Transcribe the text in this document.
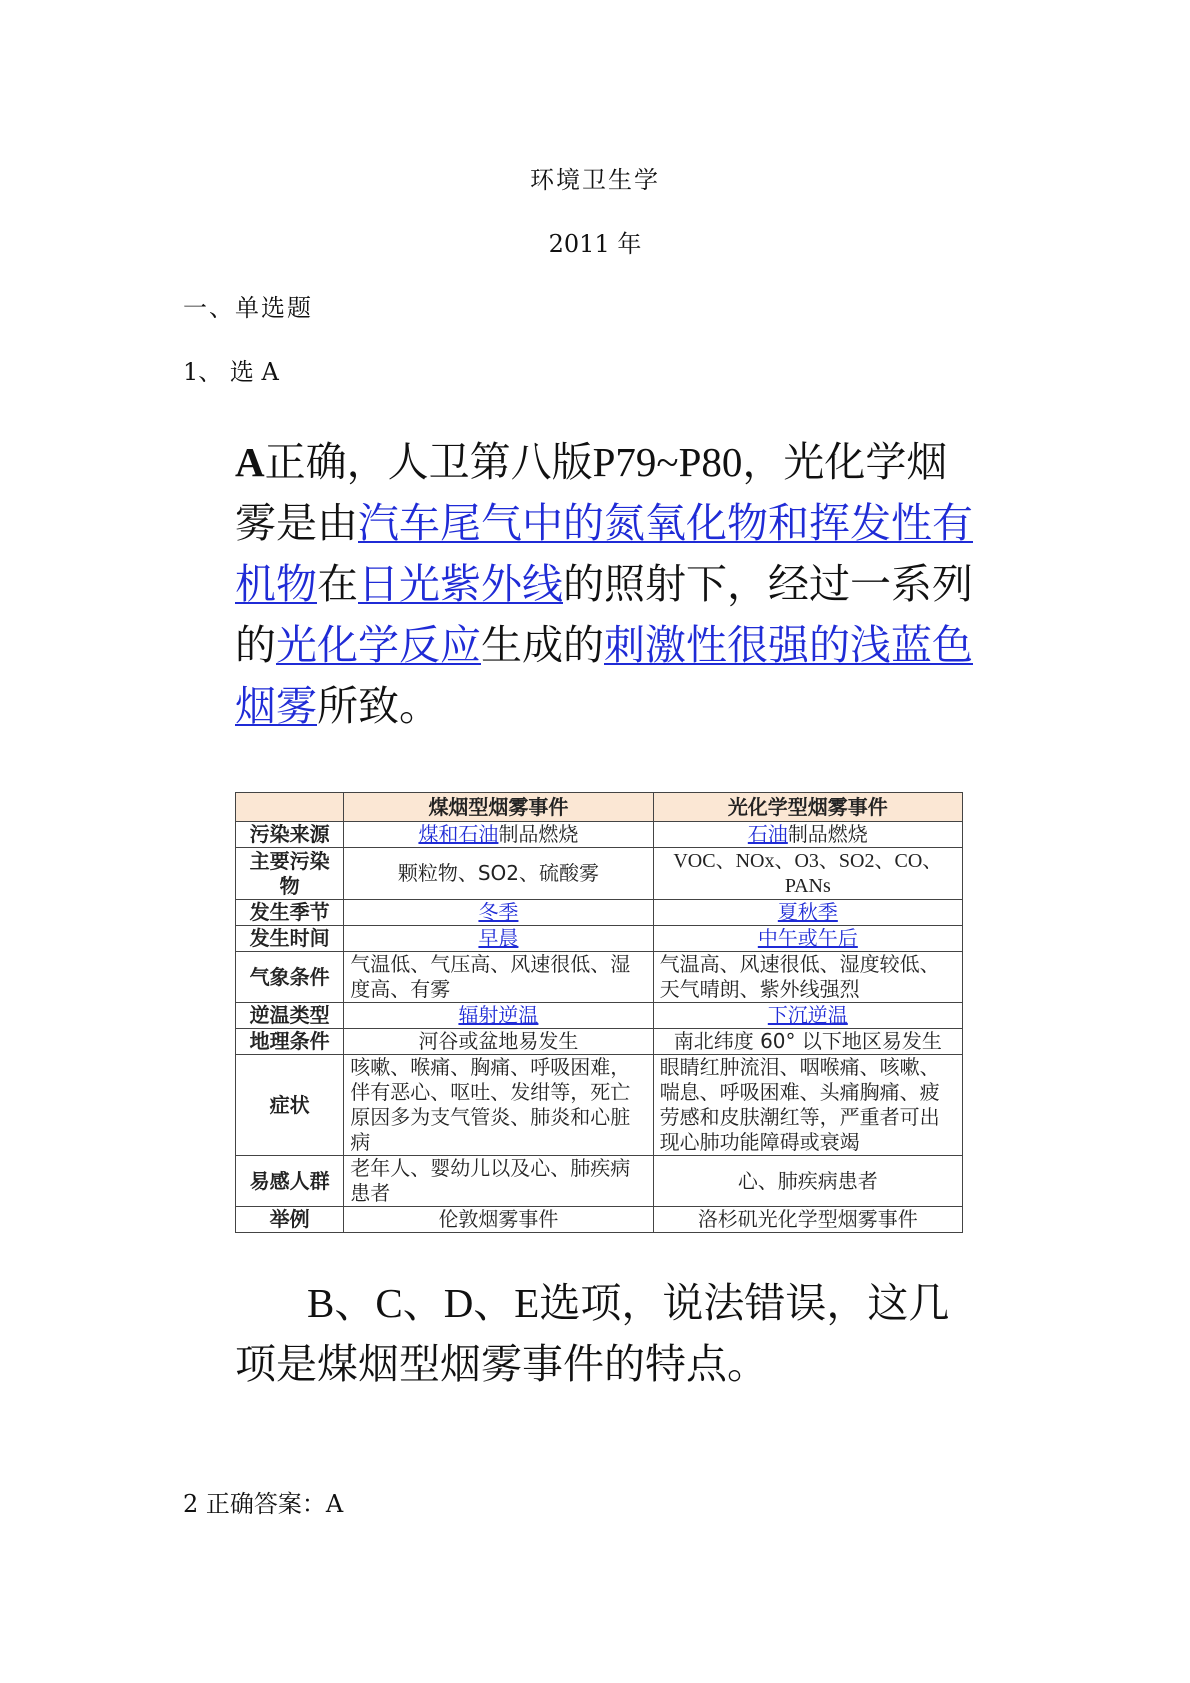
环境卫生学
2011 年
一、单选题
1、 选 A
A正确，人卫第八版P79~P80，光化学烟雾是由汽车尾气中的氮氧化物和挥发性有机物在日光紫外线的照射下，经过一系列的光化学反应生成的刺激性很强的浅蓝色烟雾所致。
	煤烟型烟雾事件	光化学型烟雾事件
污染来源	煤和石油制品燃烧	石油制品燃烧
主要污染物	颗粒物、SO2、硫酸雾	VOC、NOx、O3、SO2、CO、PANs
发生季节	冬季	夏秋季
发生时间	早晨	中午或午后
气象条件	气温低、气压高、风速很低、湿度高、有雾	气温高、风速很低、湿度较低、天气晴朗、紫外线强烈
逆温类型	辐射逆温	下沉逆温
地理条件	河谷或盆地易发生	南北纬度 60° 以下地区易发生
症状	咳嗽、喉痛、胸痛、呼吸困难，伴有恶心、呕吐、发绀等，死亡原因多为支气管炎、肺炎和心脏病	眼睛红肿流泪、咽喉痛、咳嗽、喘息、呼吸困难、头痛胸痛、疲劳感和皮肤潮红等，严重者可出现心肺功能障碍或衰竭
易感人群	老年人、婴幼儿以及心、肺疾病患者	心、肺疾病患者
举例	伦敦烟雾事件	洛杉矶光化学型烟雾事件
B、C、D、E选项，说法错误，这几项是煤烟型烟雾事件的特点。
2 正确答案：A
